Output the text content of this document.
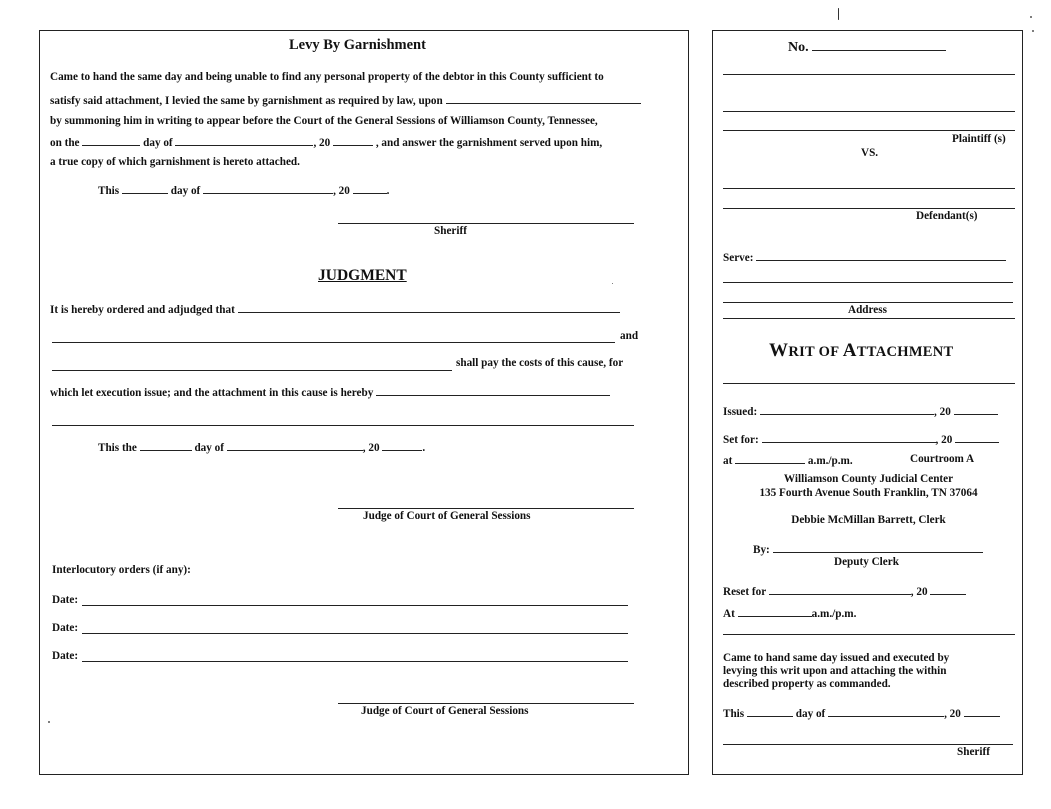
Levy By Garnishment
Came to hand the same day and being unable to find any personal property of the debtor in this County sufficient to
satisfy said attachment, I levied the same by garnishment as required by law, upon
by summoning him in writing to appear before the Court of the General Sessions of Williamson County, Tennessee,
on the	day of	, 20	, and answer the garnishment served upon him,
a true copy of which garnishment is hereto attached.
This	day of	, 20	.
Sheriff
JUDGMENT
It is hereby ordered and adjudged that
and
shall pay the costs of this cause, for
which let execution issue; and the attachment in this cause is hereby
This the	day of	, 20	.
Judge of Court of General Sessions
Interlocutory orders (if any):
Date:
Date:
Date:
Judge of Court of General Sessions
No.
Plaintiff (s)
VS.
Defendant(s)
Serve:
Address
WRIT OF ATTACHMENT
Issued:	, 20
Set for:	, 20
at	a.m./p.m.	Courtroom A
Williamson County Judicial Center
135 Fourth Avenue South Franklin, TN 37064
Debbie McMillan Barrett, Clerk
By:
Deputy Clerk
Reset for	, 20
At	a.m./p.m.
Came to hand same day issued and executed by
levying this writ upon and attaching the within
described property as commanded.
This	day of	, 20
Sheriff
